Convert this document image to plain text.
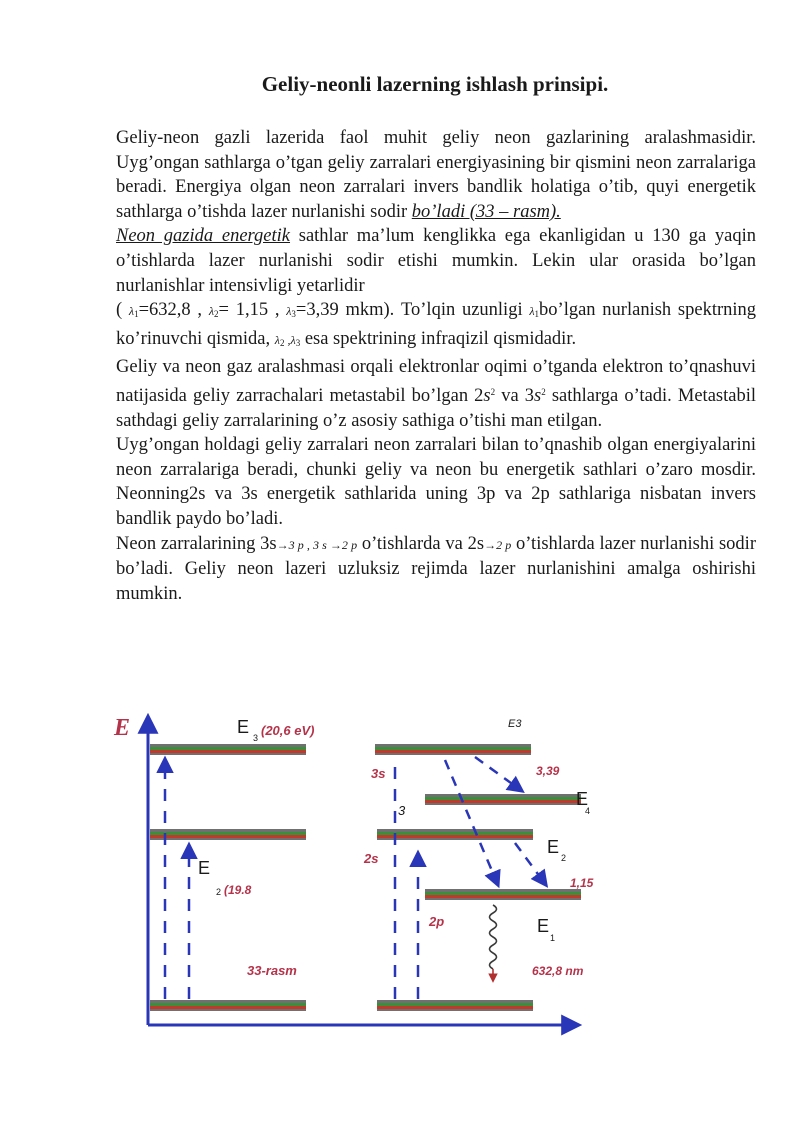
Geliy-neonli lazerning ishlash prinsipi.

Geliy-neon gazli lazerida faol muhit geliy neon gazlarining aralashmasidir. Uyg’ongan sathlarga o’tgan geliy zarralari energiyasining bir qismini neon zarralariga beradi. Energiya olgan neon zarralari invers bandlik holatiga o’tib, quyi energetik sathlarga o’tishda lazer nurlanishi sodir bo’ladi (33 – rasm).

Neon gazida energetik sathlar ma’lum kenglikka ega ekanligidan u 130 ga yaqin o’tishlarda lazer nurlanishi sodir etishi mumkin. Lekin ular orasida bo’lgan nurlanishlar intensivligi yetarlidir

( $\lambda_1=632,8$ , $\lambda_2= 1,15$ , $\lambda_3=3,39$ mkm). To’lqin uzunligi $\lambda_1bo’lgan$ nurlanish spektrning ko’rinuvchi qismida, $\lambda_2$ $,\lambda_3$ esa spektrining infraqizil qismidadir.

Geliy va neon gaz aralashmasi orqali elektronlar oqimi o’tganda elektron to’qnashuvi natijasida geliy zarrachalari metastabil bo’lgan $2s^2$ va $3s^2$ sathlarga o’tadi. Metastabil sathdagi geliy zarralarining o’z asosiy sathiga o’tishi man etilgan.

Uyg’ongan holdagi geliy zarralari neon zarralari bilan to’qnashib olgan energiyalarini neon zarralariga beradi, chunki geliy va neon bu energetik sathlari o’zaro mosdir. Neonning2s va 3s energetik sathlarida uning 3p va 2p sathlariga nisbatan invers bandlik paydo bo’ladi.

Neon zarralarining 3s→3 p , 3 s →2 p o’tishlarda va 2s→2 p o’tishlarda lazer nurlanishi sodir bo’ladi. Geliy neon lazeri uzluksiz rejimda lazer nurlanishini amalga oshirishi mumkin.

E	E
3 (20,6 eV)
E
2 (19.8
33-rasm
E3
3s
3
3,39
E
4
E
2
2s
1,15
2p	E
1
632,8 nm
